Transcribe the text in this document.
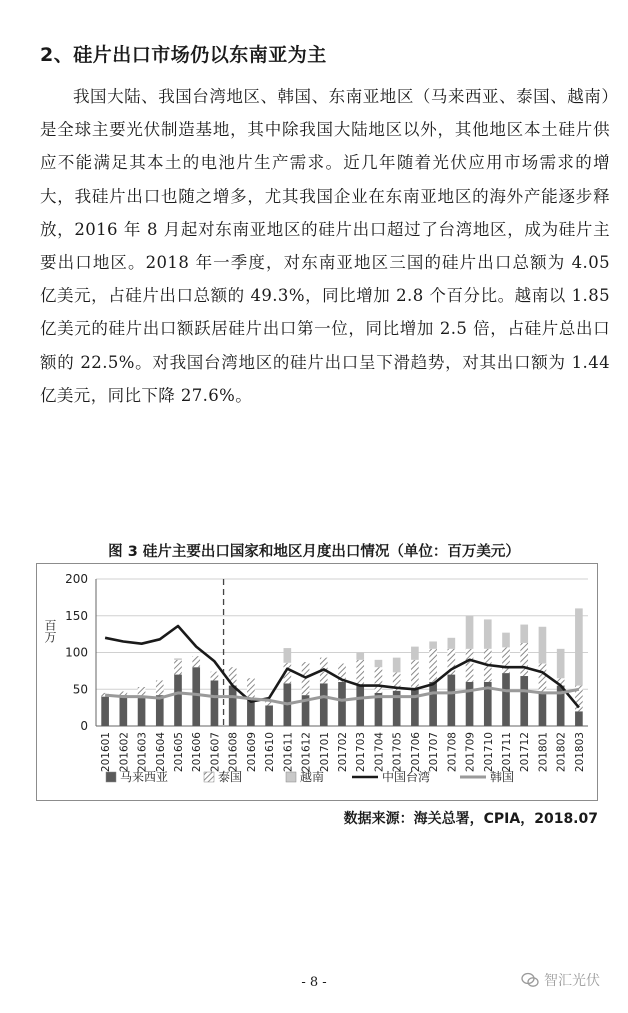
2、硅片出口市场仍以东南亚为主
我国大陆、我国台湾地区、韩国、东南亚地区（马来西亚、泰国、越南）是全球主要光伏制造基地，其中除我国大陆地区以外，其他地区本土硅片供应不能满足其本土的电池片生产需求。近几年随着光伏应用市场需求的增大，我硅片出口也随之增多，尤其我国企业在东南亚地区的海外产能逐步释放，2016 年 8 月起对东南亚地区的硅片出口超过了台湾地区，成为硅片主要出口地区。2018 年一季度，对东南亚地区三国的硅片出口总额为 4.05 亿美元，占硅片出口总额的 49.3%，同比增加 2.8 个百分比。越南以 1.85 亿美元的硅片出口额跃居硅片出口第一位，同比增加 2.5 倍，占硅片总出口额的 22.5%。对我国台湾地区的硅片出口呈下滑趋势，对其出口额为 1.44 亿美元，同比下降 27.6%。
图 3 硅片主要出口国家和地区月度出口情况（单位：百万美元）
0
50
100
150
200
百万
201601 201602 201603 201604 201605 201606 201607 201608 201609 201610 201611 201612 201701 201702 201703 201704 201705 201706 201707 201708 201709 201710 201711 201712 201801 201802 201803
马来西亚	泰国	越南	中国台湾	韩国
数据来源：海关总署，CPIA，2018.07
- 8 -	智汇光伏
